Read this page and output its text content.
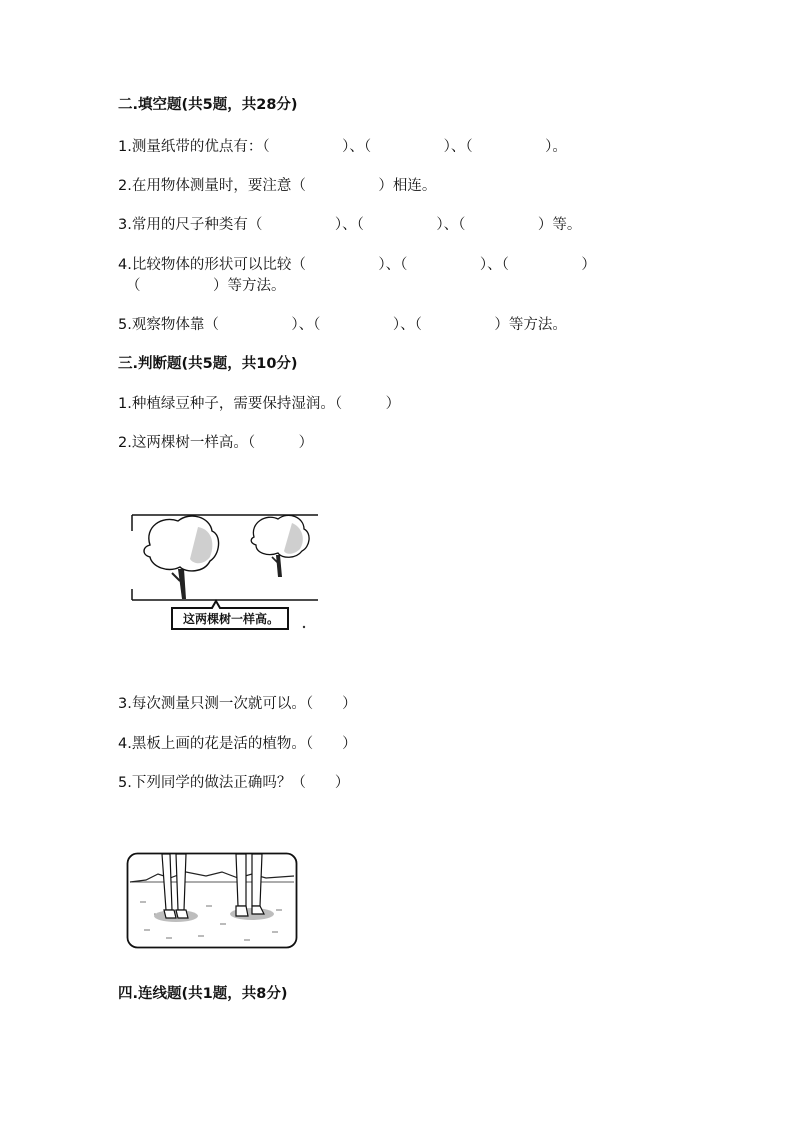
二.填空题(共5题，共28分)
1.测量纸带的优点有：（　　　　　）、（　　　　　）、（　　　　　）。
2.在用物体测量时，要注意（　　　　　）相连。
3.常用的尺子种类有（　　　　　）、（　　　　　）、（　　　　　）等。
4.比较物体的形状可以比较（　　　　　）、（　　　　　）、（　　　　　）
（　　　　　）等方法。
5.观察物体靠（　　　　　）、（　　　　　）、（　　　　　）等方法。
三.判断题(共5题，共10分)
1.种植绿豆种子，需要保持湿润。（　　　）
2.这两棵树一样高。（　　　）
这两棵树一样高。
3.每次测量只测一次就可以。（　　）
4.黑板上画的花是活的植物。（　　）
5.下列同学的做法正确吗？（　　）
四.连线题(共1题，共8分)
